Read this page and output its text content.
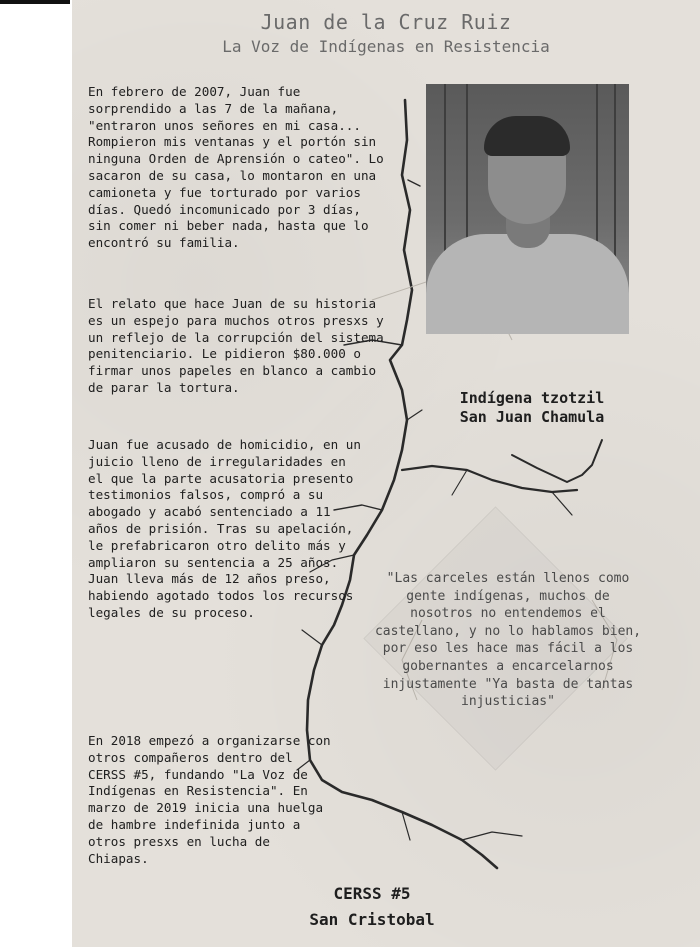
Juan de la Cruz Ruiz
La Voz de Indígenas en Resistencia
En febrero de 2007, Juan fue sorprendido a las 7 de la mañana, "entraron unos señores en mi casa... Rompieron mis ventanas y el portón sin ninguna Orden de Aprensión o cateo". Lo sacaron de su casa, lo montaron en una camioneta y fue torturado por varios días. Quedó incomunicado por 3 días, sin comer ni beber nada, hasta que lo encontró su familia.
El relato que hace Juan de su historia es un espejo para muchos otros presxs y un reflejo de la corrupción del sistema penitenciario. Le pidieron $80.000 o firmar unos papeles en blanco a cambio de parar la tortura.
Juan fue acusado de homicidio, en un juicio lleno de irregularidades en el que la parte acusatoria presento testimonios falsos, compró a su abogado y acabó sentenciado a 11 años de prisión. Tras su apelación, le prefabricaron otro delito más y ampliaron su sentencia a 25 años. Juan lleva más de 12 años preso, habiendo agotado todos los recursos legales de su proceso.
En 2018 empezó a organizarse con otros compañeros dentro del CERSS #5, fundando "La Voz de Indígenas en Resistencia". En marzo de 2019 inicia una huelga de hambre indefinida junto a otros presxs en lucha de Chiapas.
Indígena tzotzil
San Juan Chamula
"Las carceles están llenos como gente indígenas, muchos de nosotros no entendemos el castellano, y no lo hablamos bien, por eso les hace mas fácil a los gobernantes a encarcelarnos injustamente "Ya basta de tantas injusticias"
CERSS #5
San Cristobal
